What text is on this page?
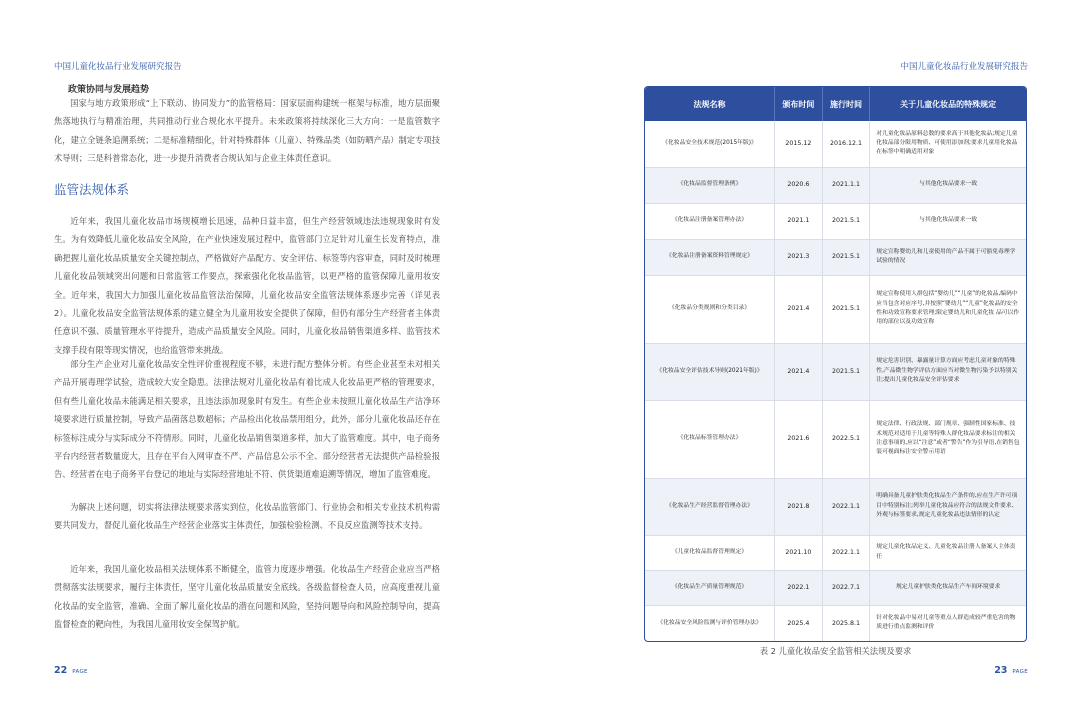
中国儿童化妆品行业发展研究报告
政策协同与发展趋势
国家与地方政策形成“上下联动、协同发力”的监管格局：国家层面构建统一框架与标准，地方层面聚焦落地执行与精准治理，共同推动行业合规化水平提升。未来政策将持续深化三大方向：一是监管数字化，建立全链条追溯系统；二是标准精细化，针对特殊群体（儿童）、特殊品类（如防晒产品）制定专项技术导则；三是科普常态化，进一步提升消费者合规认知与企业主体责任意识。
监管法规体系
近年来，我国儿童化妆品市场规模增长迅速，品种日益丰富，但生产经营领域违法违规现象时有发生。为有效降低儿童化妆品安全风险，在产业快速发展过程中，监管部门立足针对儿童生长发育特点，准确把握儿童化妆品质量安全关键控制点，严格做好产品配方、安全评估、标签等内容审查，同时及时梳理儿童化妆品领域突出问题和日常监管工作要点，探索强化化妆品监管，以更严格的监管保障儿童用妆安全。近年来，我国大力加强儿童化妆品监管法治保障，儿童化妆品安全监管法规体系逐步完善（详见表 2）。儿童化妆品安全监管法规体系的建立健全为儿童用妆安全提供了保障，但仍有部分生产经营者主体责任意识不强、质量管理水平待提升，造成产品质量安全风险。同时，儿童化妆品销售渠道多样、监管技术支撑手段有限等现实情况，也给监管带来挑战。
部分生产企业对儿童化妆品安全性评价重视程度不够，未进行配方整体分析。有些企业甚至未对相关产品开展毒理学试验，造成较大安全隐患。法律法规对儿童化妆品有着比成人化妆品更严格的管理要求，但有些儿童化妆品未能满足相关要求，且违法添加现象时有发生。有些企业未按照儿童化妆品生产洁净环境要求进行质量控制，导致产品菌落总数超标；产品检出化妆品禁用组分，此外，部分儿童化妆品还存在标签标注成分与实际成分不符情形。同时，儿童化妆品销售渠道多样，加大了监管难度。其中，电子商务平台内经营者数量庞大，且存在平台入网审查不严、产品信息公示不全、部分经营者无法提供产品检验报告、经营者在电子商务平台登记的地址与实际经营地址不符、供货渠道难追溯等情况，增加了监管难度。
为解决上述问题，切实将法律法规要求落实到位，化妆品监管部门、行业协会和相关专业技术机构需要共同发力，督促儿童化妆品生产经营企业落实主体责任，加强检验检测、不良反应监测等技术支持。
近年来，我国儿童化妆品相关法规体系不断健全，监管力度逐步增强。化妆品生产经营企业应当严格贯彻落实法规要求，履行主体责任，坚守儿童化妆品质量安全底线。各级监督检查人员，应高度重视儿童化妆品的安全监管，准确、全面了解儿童化妆品的潜在问题和风险，坚持问题导向和风险控制导向，提高监督检查的靶向性，为我国儿童用妆安全保驾护航。
22 PAGE
中国儿童化妆品行业发展研究报告
法规名称	颁布时间	施行时间	关于儿童化妆品的特殊规定
《化妆品安全技术规范(2015年版)》	2015.12	2016.12.1	对儿童化妆品原料总数的要求高于其他化妆品;规定儿童化妆品部分限用物质、可使用添加剂;要求儿童用化妆品在标签中明确适用对象
《化妆品监督管理条例》	2020.6	2021.1.1	与其他化妆品要求一致
《化妆品注册备案管理办法》	2021.1	2021.5.1	与其他化妆品要求一致
《化妆品注册备案资料管理规定》	2021.3	2021.5.1	规定宣称婴幼儿和儿童使用的产品不属于可豁免毒理学试验的情况
《化妆品分类规则和分类目录》	2021.4	2021.5.1	规定宣称使用人群包括“婴幼儿”“儿童”的化妆品,编码中应当包含对应序号,并按照“婴幼儿”“儿童”化妆品的安全性和功效宣称要求管理;限定婴幼儿和儿童化妆 品可以作用的部位以及功效宣称
《化妆品安全评估技术导则(2021年版)》	2021.4	2021.5.1	规定危害识别、暴露量计算方面应考虑儿童对象的特殊性,产品微生物学评估方面应当对微生物污染予以特别关注;提出儿童化妆品安全评估要求
《化妆品标签管理办法》	2021.6	2022.5.1	规定法律、行政法规、部门规章、强制性国家标准、技术规范对适用于儿童等特殊人群化妆品要求标注的相关注意事项的,应以“注意”或者“警告”作为引导语,在销售包装可视面标注安全警示用语
《化妆品生产经营监督管理办法》	2021.8	2022.1.1	明确具备儿童护肤类化妆品生产条件的,应在生产许可项目中特别标注;列举儿童化妆品应符合的法规文件要求、外观与标签要求,规定儿童化妆品违法情形的认定
《儿童化妆品监督管理规定》	2021.10	2022.1.1	规定儿童化妆品定义、儿童化妆品注册人备案人主体责任
《化妆品生产质量管理规范》	2022.1	2022.7.1	规定儿童护肤类化妆品生产车间环境要求
《化妆品安全风险监测与评价管理办法》	2025.4	2025.8.1	针对化妆品中易对儿童等重点人群造成较严重危害的物质进行重点监测和评价
表 2 儿童化妆品安全监管相关法规及要求
23 PAGE
